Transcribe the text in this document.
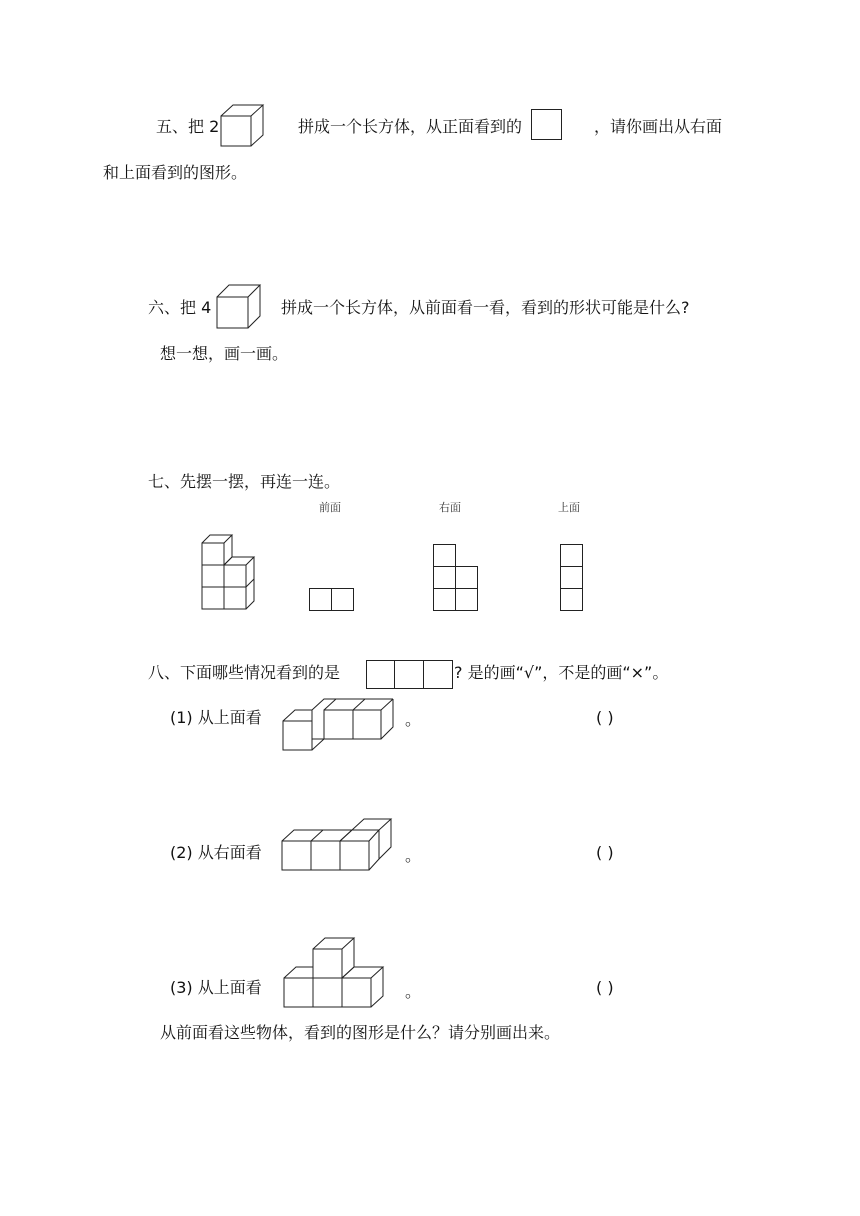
五、把 2	拼成一个长方体，从正面看到的	，请你画出从右面
和上面看到的图形。
六、把 4	拼成一个长方体，从前面看一看，看到的形状可能是什么?
想一想，画一画。
七、先摆一摆，再连一连。
前面	右面	上面
八、下面哪些情况看到的是	? 是的画“√”，不是的画“×”。
(1) 从上面看	。	( )
(2) 从右面看	。	( )
(3) 从上面看	。	( )
从前面看这些物体，看到的图形是什么？请分别画出来。
